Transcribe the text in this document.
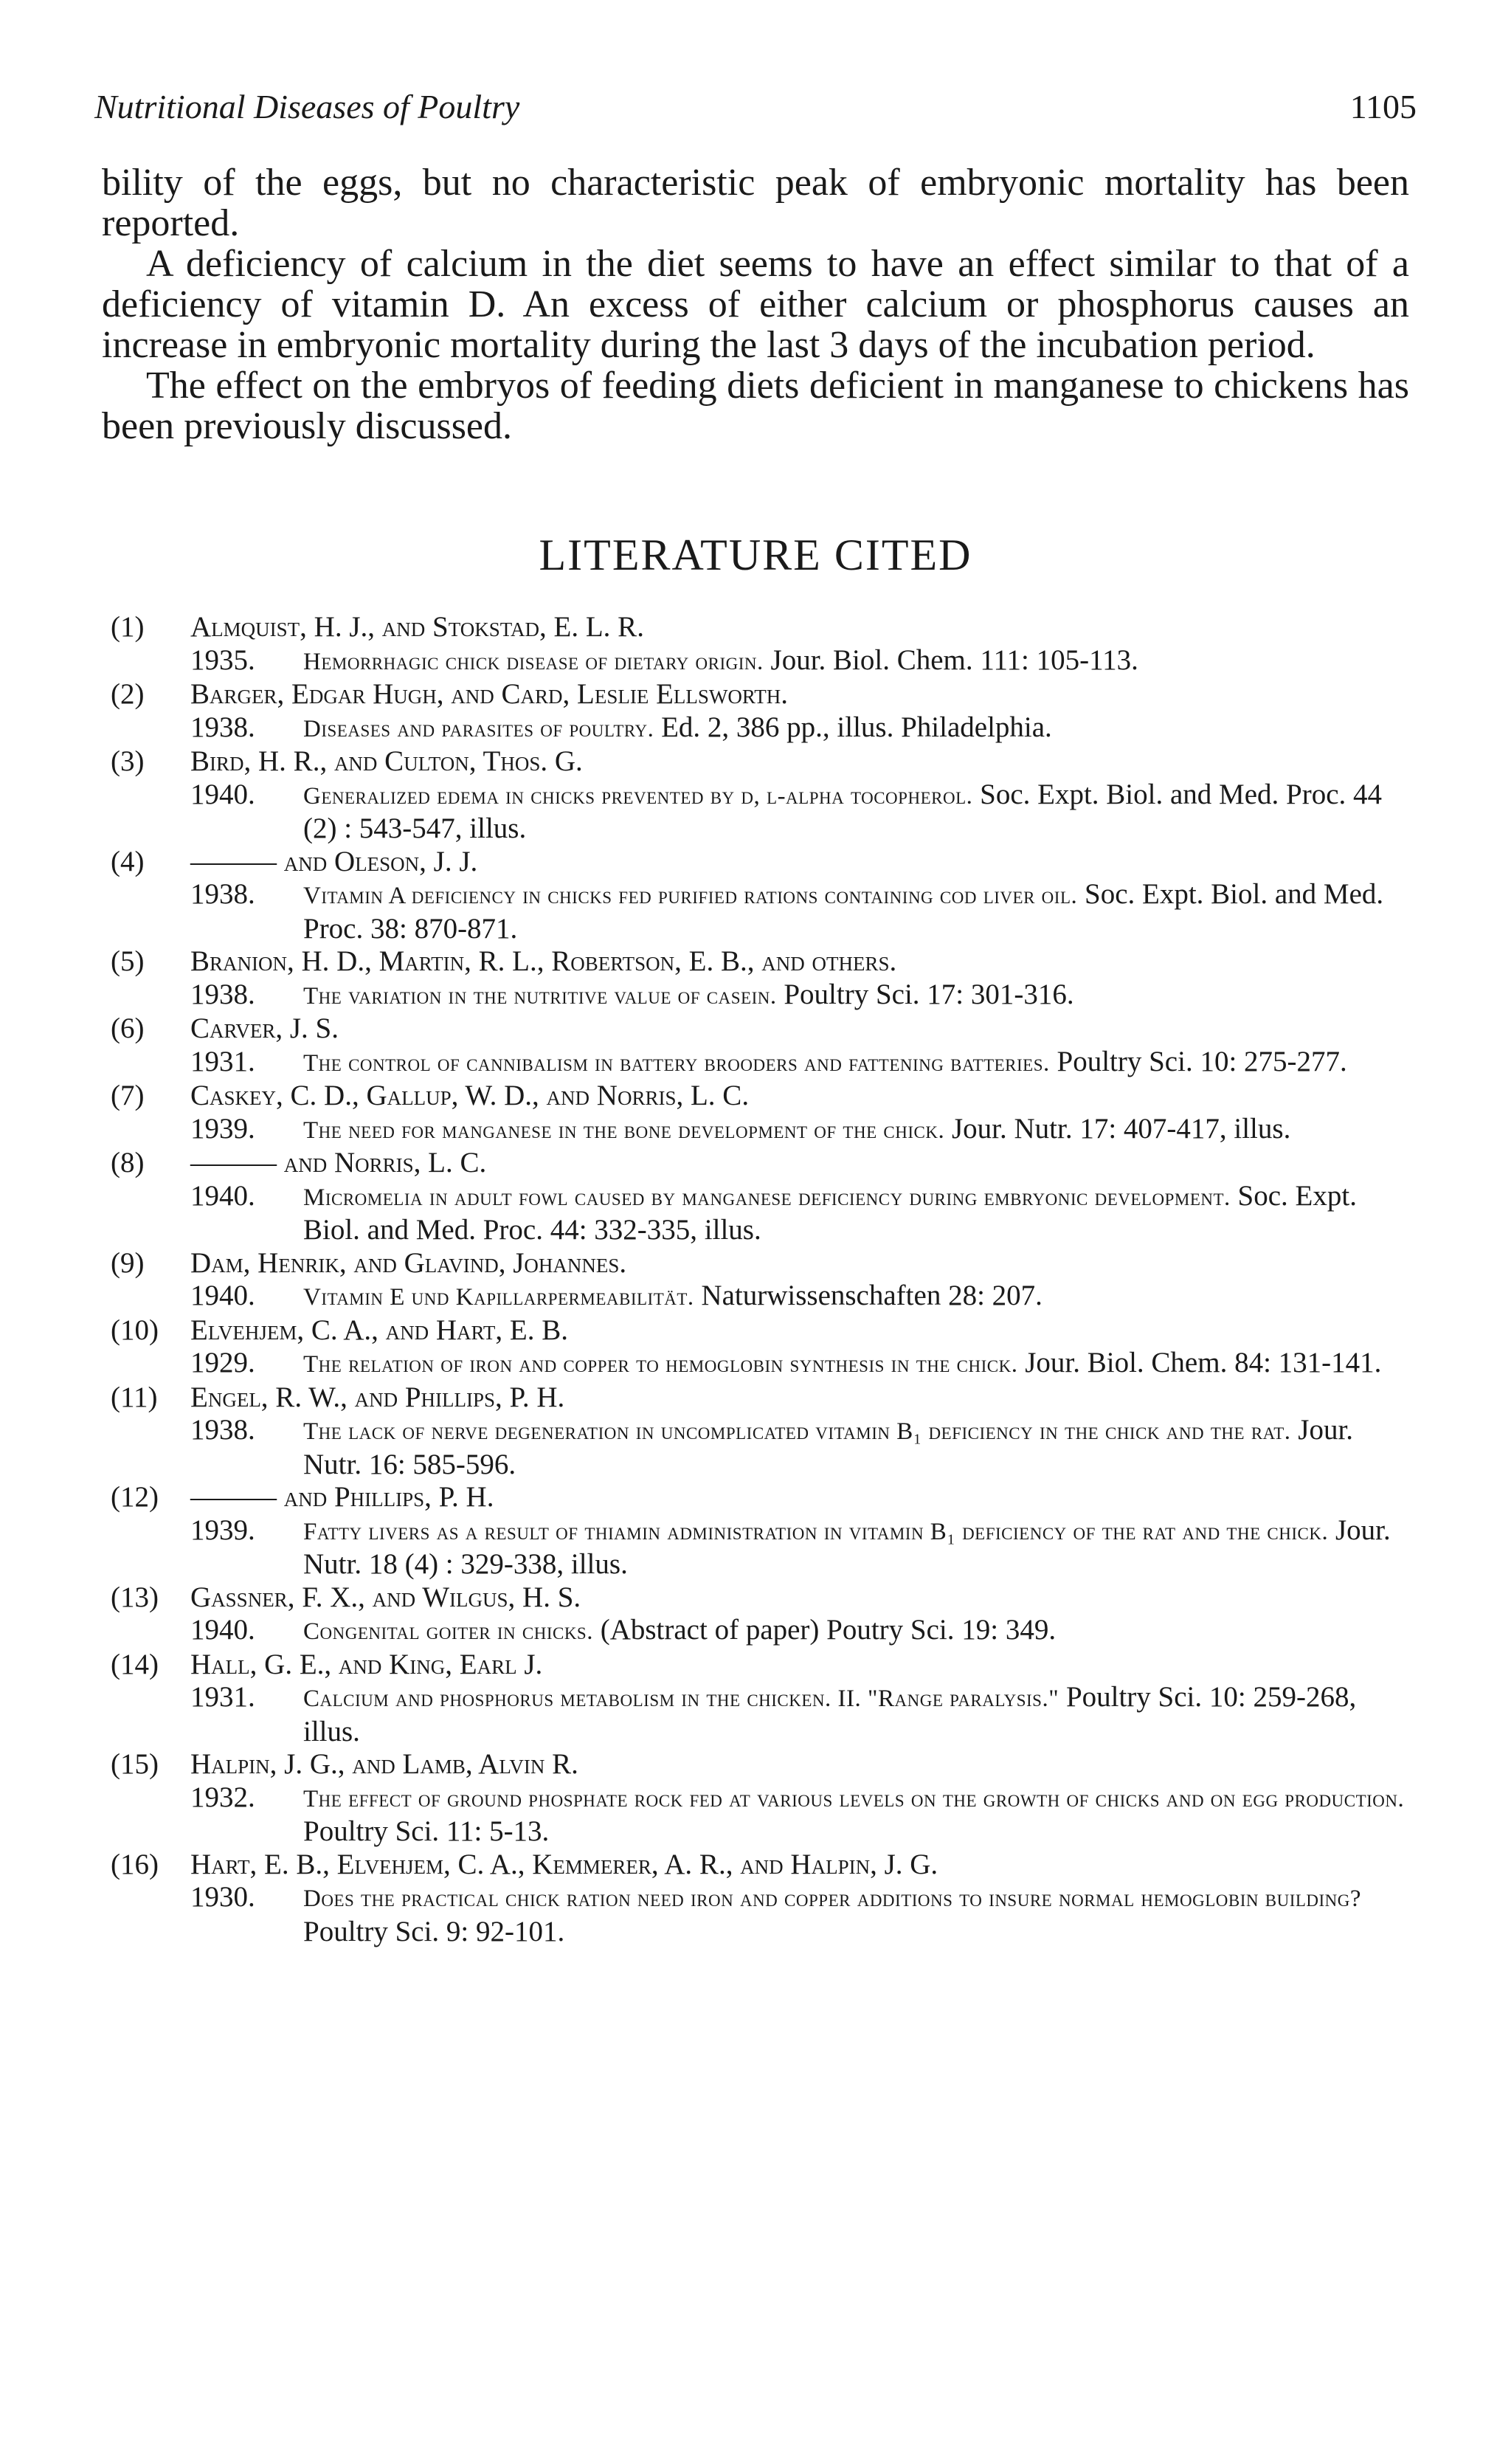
Nutritional Diseases of Poultry	1105

bility of the eggs, but no characteristic peak of embryonic mortality has been reported.

A deficiency of calcium in the diet seems to have an effect similar to that of a deficiency of vitamin D. An excess of either calcium or phosphorus causes an increase in embryonic mortality during the last 3 days of the incubation period.

The effect on the embryos of feeding diets deficient in manganese to chickens has been previously discussed.

LITERATURE CITED
(1)	Almquist, H. J., and Stokstad, E. L. R.
1935. Hemorrhagic chick disease of dietary origin. Jour. Biol. Chem. 111: 105-113.
(2)	Barger, Edgar Hugh, and Card, Leslie Ellsworth.
1938. Diseases and parasites of poultry. Ed. 2, 386 pp., illus. Philadelphia.
(3)	Bird, H. R., and Culton, Thos. G.
1940. Generalized edema in chicks prevented by d, l-alpha tocopherol. Soc. Expt. Biol. and Med. Proc. 44 (2) : 543-547, illus.
(4)	——— and Oleson, J. J.
1938. Vitamin A deficiency in chicks fed purified rations containing cod liver oil. Soc. Expt. Biol. and Med. Proc. 38: 870-871.
(5)	Branion, H. D., Martin, R. L., Robertson, E. B., and others.
1938. The variation in the nutritive value of casein. Poultry Sci. 17: 301-316.
(6)	Carver, J. S.
1931. The control of cannibalism in battery brooders and fattening batteries. Poultry Sci. 10: 275-277.
(7)	Caskey, C. D., Gallup, W. D., and Norris, L. C.
1939. The need for manganese in the bone development of the chick. Jour. Nutr. 17: 407-417, illus.
(8)	——— and Norris, L. C.
1940. Micromelia in adult fowl caused by manganese deficiency during embryonic development. Soc. Expt. Biol. and Med. Proc. 44: 332-335, illus.
(9)	Dam, Henrik, and Glavind, Johannes.
1940. Vitamin E und Kapillarpermeabilität. Naturwissenschaften 28: 207.
(10)	Elvehjem, C. A., and Hart, E. B.
1929. The relation of iron and copper to hemoglobin synthesis in the chick. Jour. Biol. Chem. 84: 131-141.
(11)	Engel, R. W., and Phillips, P. H.
1938. The lack of nerve degeneration in uncomplicated vitamin B₁ deficiency in the chick and the rat. Jour. Nutr. 16: 585-596.
(12)	——— and Phillips, P. H.
1939. Fatty livers as a result of thiamin administration in vitamin B₁ deficiency of the rat and the chick. Jour. Nutr. 18 (4) : 329-338, illus.
(13)	Gassner, F. X., and Wilgus, H. S.
1940. Congenital goiter in chicks. (Abstract of paper) Poutry Sci. 19: 349.
(14)	Hall, G. E., and King, Earl J.
1931. Calcium and phosphorus metabolism in the chicken. II. "Range paralysis." Poultry Sci. 10: 259-268, illus.
(15)	Halpin, J. G., and Lamb, Alvin R.
1932. The effect of ground phosphate rock fed at various levels on the growth of chicks and on egg production. Poultry Sci. 11: 5-13.
(16)	Hart, E. B., Elvehjem, C. A., Kemmerer, A. R., and Halpin, J. G.
1930. Does the practical chick ration need iron and copper additions to insure normal hemoglobin building? Poultry Sci. 9: 92-101.
